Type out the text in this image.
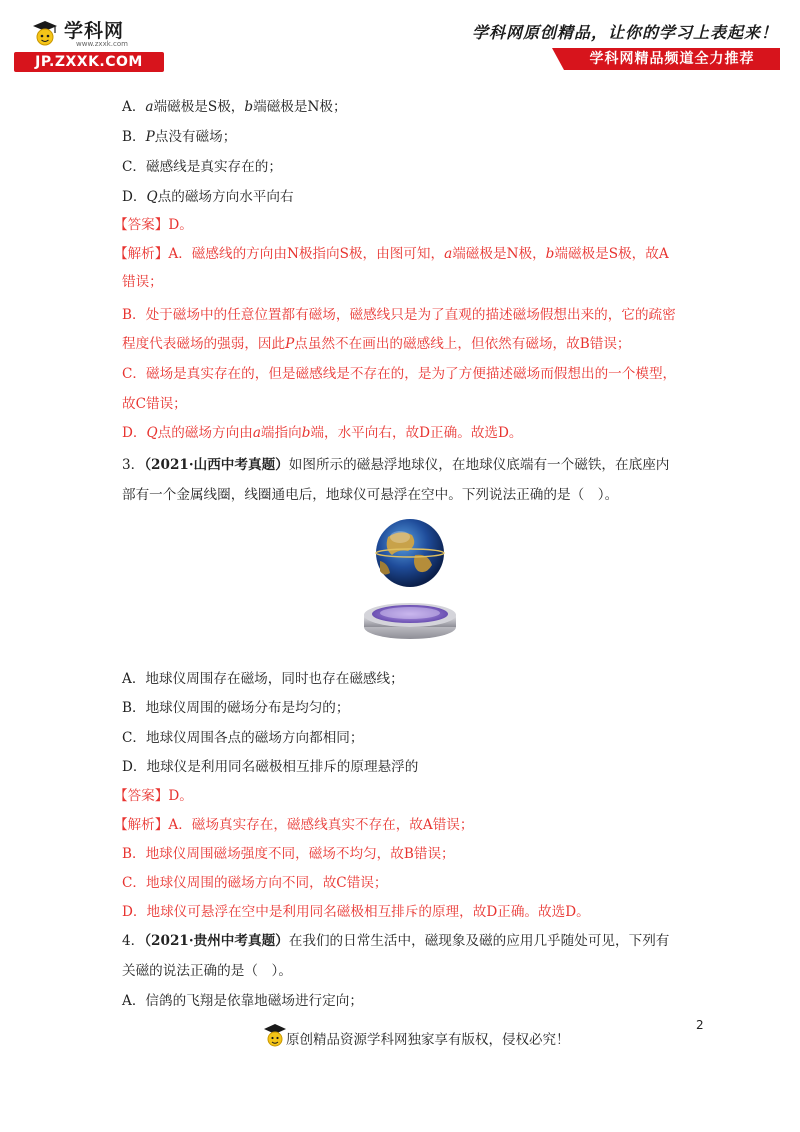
学科网
www.zxxk.com
JP.ZXXK.COM
学科网原创精品，让你的学习上表起来！
学科网精品频道全力推荐
A．a端磁极是S极，b端磁极是N极；
B．P点没有磁场；
C．磁感线是真实存在的；
D．Q点的磁场方向水平向右
【答案】D。
【解析】A．磁感线的方向由N极指向S极，由图可知，a端磁极是N极，b端磁极是S极，故A
错误；
B．处于磁场中的任意位置都有磁场，磁感线只是为了直观的描述磁场假想出来的，它的疏密
程度代表磁场的强弱，因此P点虽然不在画出的磁感线上，但依然有磁场，故B错误；
C．磁场是真实存在的，但是磁感线是不存在的，是为了方便描述磁场而假想出的一个模型，
故C错误；
D．Q点的磁场方向由a端指向b端，水平向右，故D正确。故选D。
3．（2021·山西中考真题）如图所示的磁悬浮地球仪，在地球仪底端有一个磁铁，在底座内
部有一个金属线圈，线圈通电后，地球仪可悬浮在空中。下列说法正确的是（　）。
A．地球仪周围存在磁场，同时也存在磁感线；
B．地球仪周围的磁场分布是均匀的；
C．地球仪周围各点的磁场方向都相同；
D．地球仪是利用同名磁极相互排斥的原理悬浮的
【答案】D。
【解析】A．磁场真实存在，磁感线真实不存在，故A错误；
B．地球仪周围磁场强度不同，磁场不均匀，故B错误；
C．地球仪周围的磁场方向不同，故C错误；
D．地球仪可悬浮在空中是利用同名磁极相互排斥的原理，故D正确。故选D。
4．（2021·贵州中考真题）在我们的日常生活中，磁现象及磁的应用几乎随处可见，下列有
关磁的说法正确的是（　）。
A．信鸽的飞翔是依靠地磁场进行定向；
2
原创精品资源学科网独家享有版权，侵权必究！
